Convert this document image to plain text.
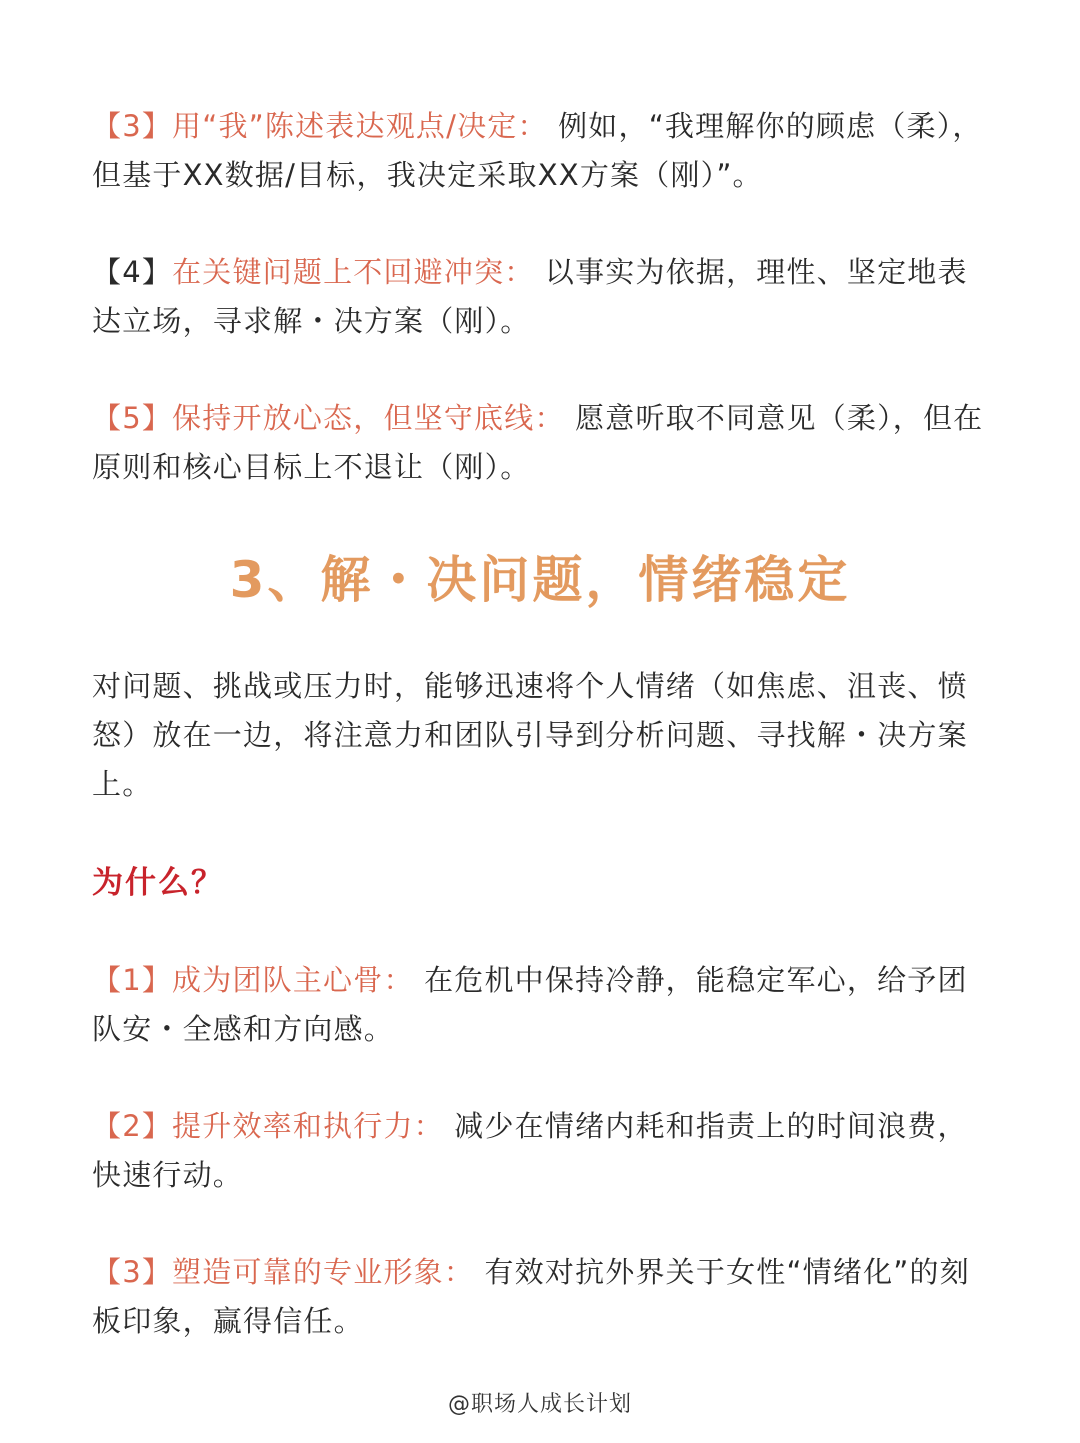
【3】用“我”陈述表达观点/决定： 例如，“我理解你的顾虑（柔），但基于XX数据/目标，我决定采取XX方案（刚）”。

【4】在关键问题上不回避冲突： 以事实为依据，理性、坚定地表达立场，寻求解・决方案（刚）。

【5】保持开放心态，但坚守底线： 愿意听取不同意见（柔），但在原则和核心目标上不退让（刚）。

3、解・决问题，情绪稳定

对问题、挑战或压力时，能够迅速将个人情绪（如焦虑、沮丧、愤怒）放在一边，将注意力和团队引导到分析问题、寻找解・决方案上。

为什么？

【1】成为团队主心骨： 在危机中保持冷静，能稳定军心，给予团队安・全感和方向感。

【2】提升效率和执行力： 减少在情绪内耗和指责上的时间浪费，快速行动。

【3】塑造可靠的专业形象： 有效对抗外界关于女性“情绪化”的刻板印象，赢得信任。

@职场人成长计划
